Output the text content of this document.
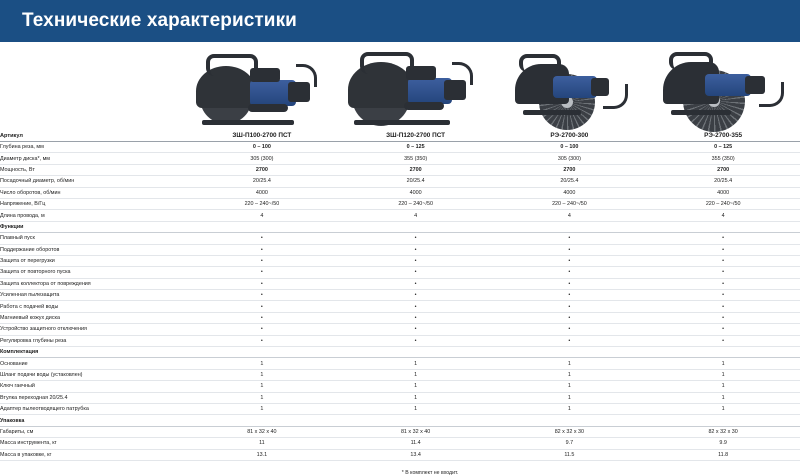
Технические характеристики
Артикул	ЗШ-П100-2700 ПСТ	ЗШ-П120-2700 ПСТ	РЭ-2700-300	РЭ-2700-355
Глубина реза, мм	0 – 100	0 – 125	0 – 100	0 – 125
Диаметр диска*, мм	305 (300)	355 (350)	305 (300)	355 (350)
Мощность, Вт	2700	2700	2700	2700
Посадочный диаметр, об/мин	20/25.4	20/25.4	20/25.4	20/25.4
Число оборотов, об/мин	4000	4000	4000	4000
Напряжение, В/Гц	220 – 240~/50	220 – 240~/50	220 – 240~/50	220 – 240~/50
Длина провода, м	4	4	4	4
Функции				
Плавный пуск	•	•	•	•
Поддержание оборотов	•	•	•	•
Защита от перегрузки	•	•	•	•
Защита от повторного пуска	•	•	•	•
Защита коллектора от повреждения	•	•	•	•
Усиленная пылезащита	•	•	•	•
Работа с подачей воды	•	•	•	•
Магниевый кожух диска	•	•	•	•
Устройство защитного отключения	•	•	•	•
Регулировка глубины реза	•	•	•	•
Комплектация				
Основание	1	1	1	1
Шланг подачи воды (устаковлен)	1	1	1	1
Ключ гаечный	1	1	1	1
Втулка переходная 20/25.4	1	1	1	1
Адаптер пылеотводящего патрубка	1	1	1	1
Упаковка				
Габариты, см	81 х 32 х 40	81 х 32 х 40	82 х 32 х 30	82 х 32 х 30
Масса инструмента, кг	11	11.4	9.7	9.9
Масса в упаковке, кг	13.1	13.4	11.5	11.8
* В комплект не входит.
